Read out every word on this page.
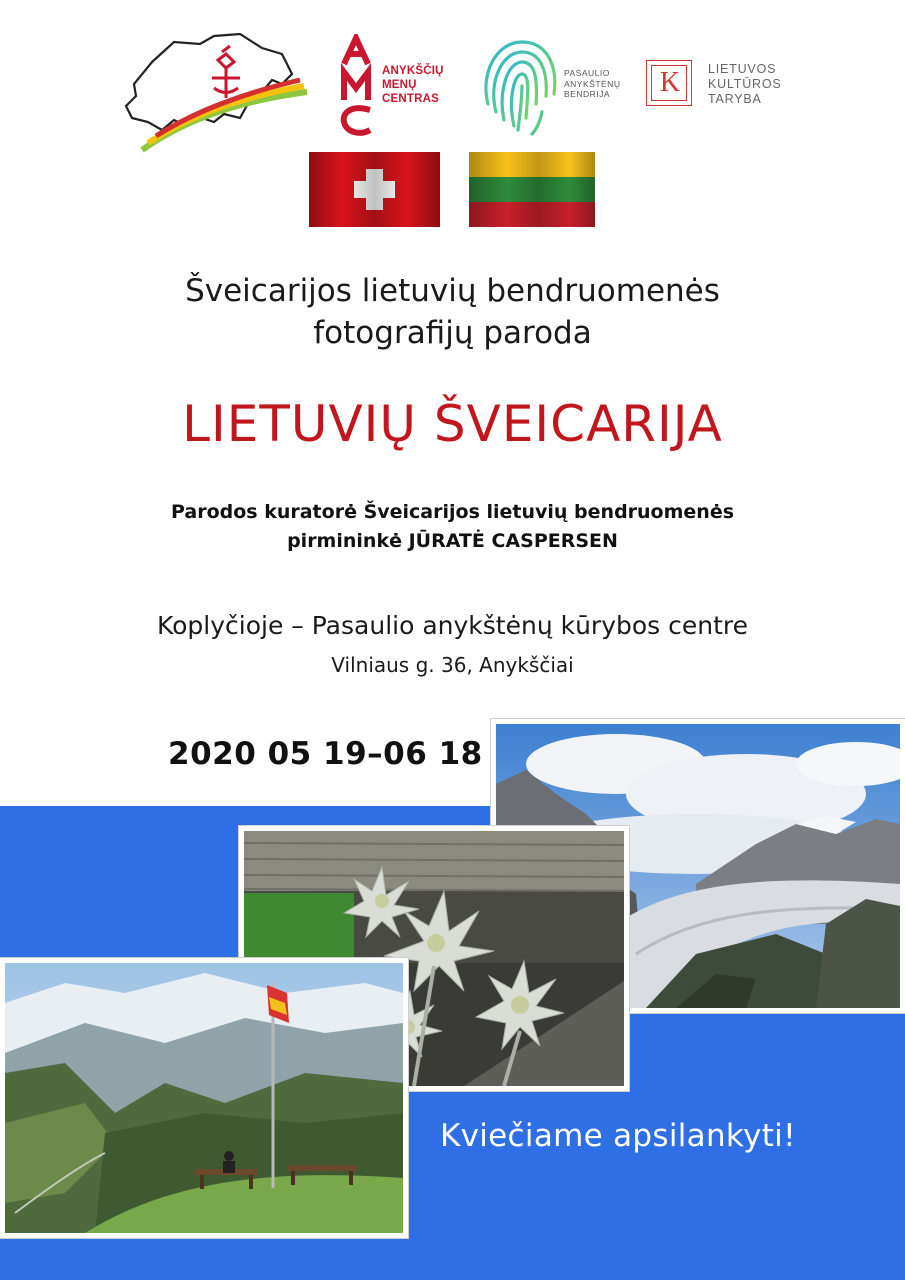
ANYKŠČIŲ
MENŲ
CENTRAS
PASAULIO
ANYKŠTĖNŲ
BENDRIJA	K	LIETUVOS
KULTŪROS
TARYBA
Šveicarijos lietuvių bendruomenės
fotografijų paroda
LIETUVIŲ ŠVEICARIJA
Parodos kuratorė Šveicarijos lietuvių bendruomenės
pirmininkė JŪRATĖ CASPERSEN
Koplyčioje – Pasaulio anykštėnų kūrybos centre
Vilniaus g. 36, Anykščiai
2020 05 19–06 18
Kviečiame apsilankyti!
